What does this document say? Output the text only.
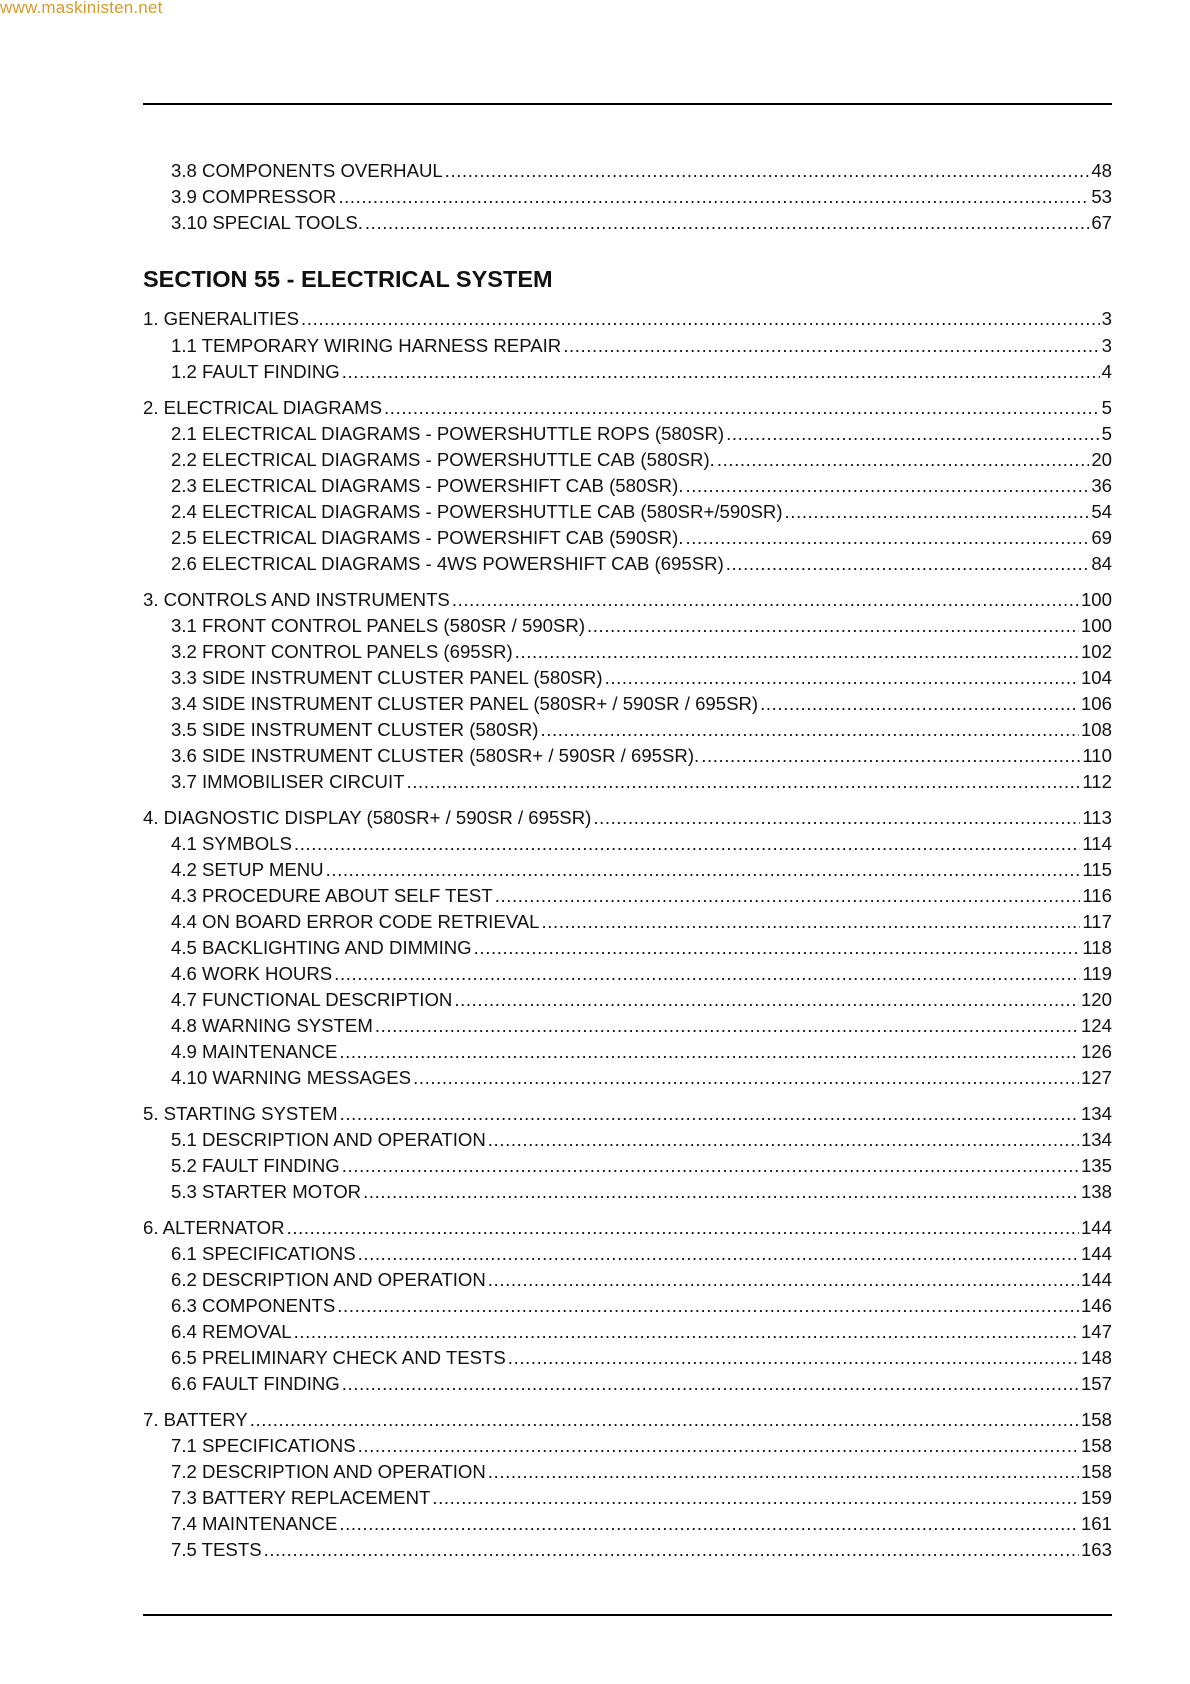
www.maskinisten.net
3.8 COMPONENTS OVERHAUL .....	48
3.9 COMPRESSOR .....	53
3.10 SPECIAL TOOLS. .....	67
SECTION 55 - ELECTRICAL SYSTEM
1. GENERALITIES .....	3
1.1 TEMPORARY WIRING HARNESS REPAIR .....	3
1.2 FAULT FINDING .....	4
2. ELECTRICAL DIAGRAMS .....	5
2.1 ELECTRICAL DIAGRAMS - POWERSHUTTLE ROPS (580SR) .....	5
2.2 ELECTRICAL DIAGRAMS - POWERSHUTTLE CAB (580SR). .....	20
2.3 ELECTRICAL DIAGRAMS - POWERSHIFT CAB (580SR). .....	36
2.4 ELECTRICAL DIAGRAMS - POWERSHUTTLE CAB (580SR+/590SR) .....	54
2.5 ELECTRICAL DIAGRAMS - POWERSHIFT CAB (590SR). .....	69
2.6 ELECTRICAL DIAGRAMS - 4WS POWERSHIFT CAB (695SR) .....	84
3. CONTROLS AND INSTRUMENTS .....	100
3.1 FRONT CONTROL PANELS (580SR / 590SR) .....	100
3.2 FRONT CONTROL PANELS (695SR) .....	102
3.3 SIDE INSTRUMENT CLUSTER PANEL (580SR) .....	104
3.4 SIDE INSTRUMENT CLUSTER PANEL (580SR+ / 590SR / 695SR) .....	106
3.5 SIDE INSTRUMENT CLUSTER (580SR) .....	108
3.6 SIDE INSTRUMENT CLUSTER (580SR+ / 590SR / 695SR). .....	110
3.7 IMMOBILISER CIRCUIT .....	112
4. DIAGNOSTIC DISPLAY (580SR+ / 590SR / 695SR) .....	113
4.1 SYMBOLS .....	114
4.2 SETUP MENU .....	115
4.3 PROCEDURE ABOUT SELF TEST .....	116
4.4 ON BOARD ERROR CODE RETRIEVAL .....	117
4.5 BACKLIGHTING AND DIMMING .....	118
4.6 WORK HOURS .....	119
4.7 FUNCTIONAL DESCRIPTION .....	120
4.8 WARNING SYSTEM .....	124
4.9 MAINTENANCE .....	126
4.10 WARNING MESSAGES .....	127
5. STARTING SYSTEM .....	134
5.1 DESCRIPTION AND OPERATION .....	134
5.2 FAULT FINDING .....	135
5.3 STARTER MOTOR .....	138
6. ALTERNATOR .....	144
6.1 SPECIFICATIONS .....	144
6.2 DESCRIPTION AND OPERATION .....	144
6.3 COMPONENTS .....	146
6.4 REMOVAL .....	147
6.5 PRELIMINARY CHECK AND TESTS .....	148
6.6 FAULT FINDING .....	157
7. BATTERY .....	158
7.1 SPECIFICATIONS .....	158
7.2 DESCRIPTION AND OPERATION .....	158
7.3 BATTERY REPLACEMENT .....	159
7.4 MAINTENANCE .....	161
7.5 TESTS .....	163
